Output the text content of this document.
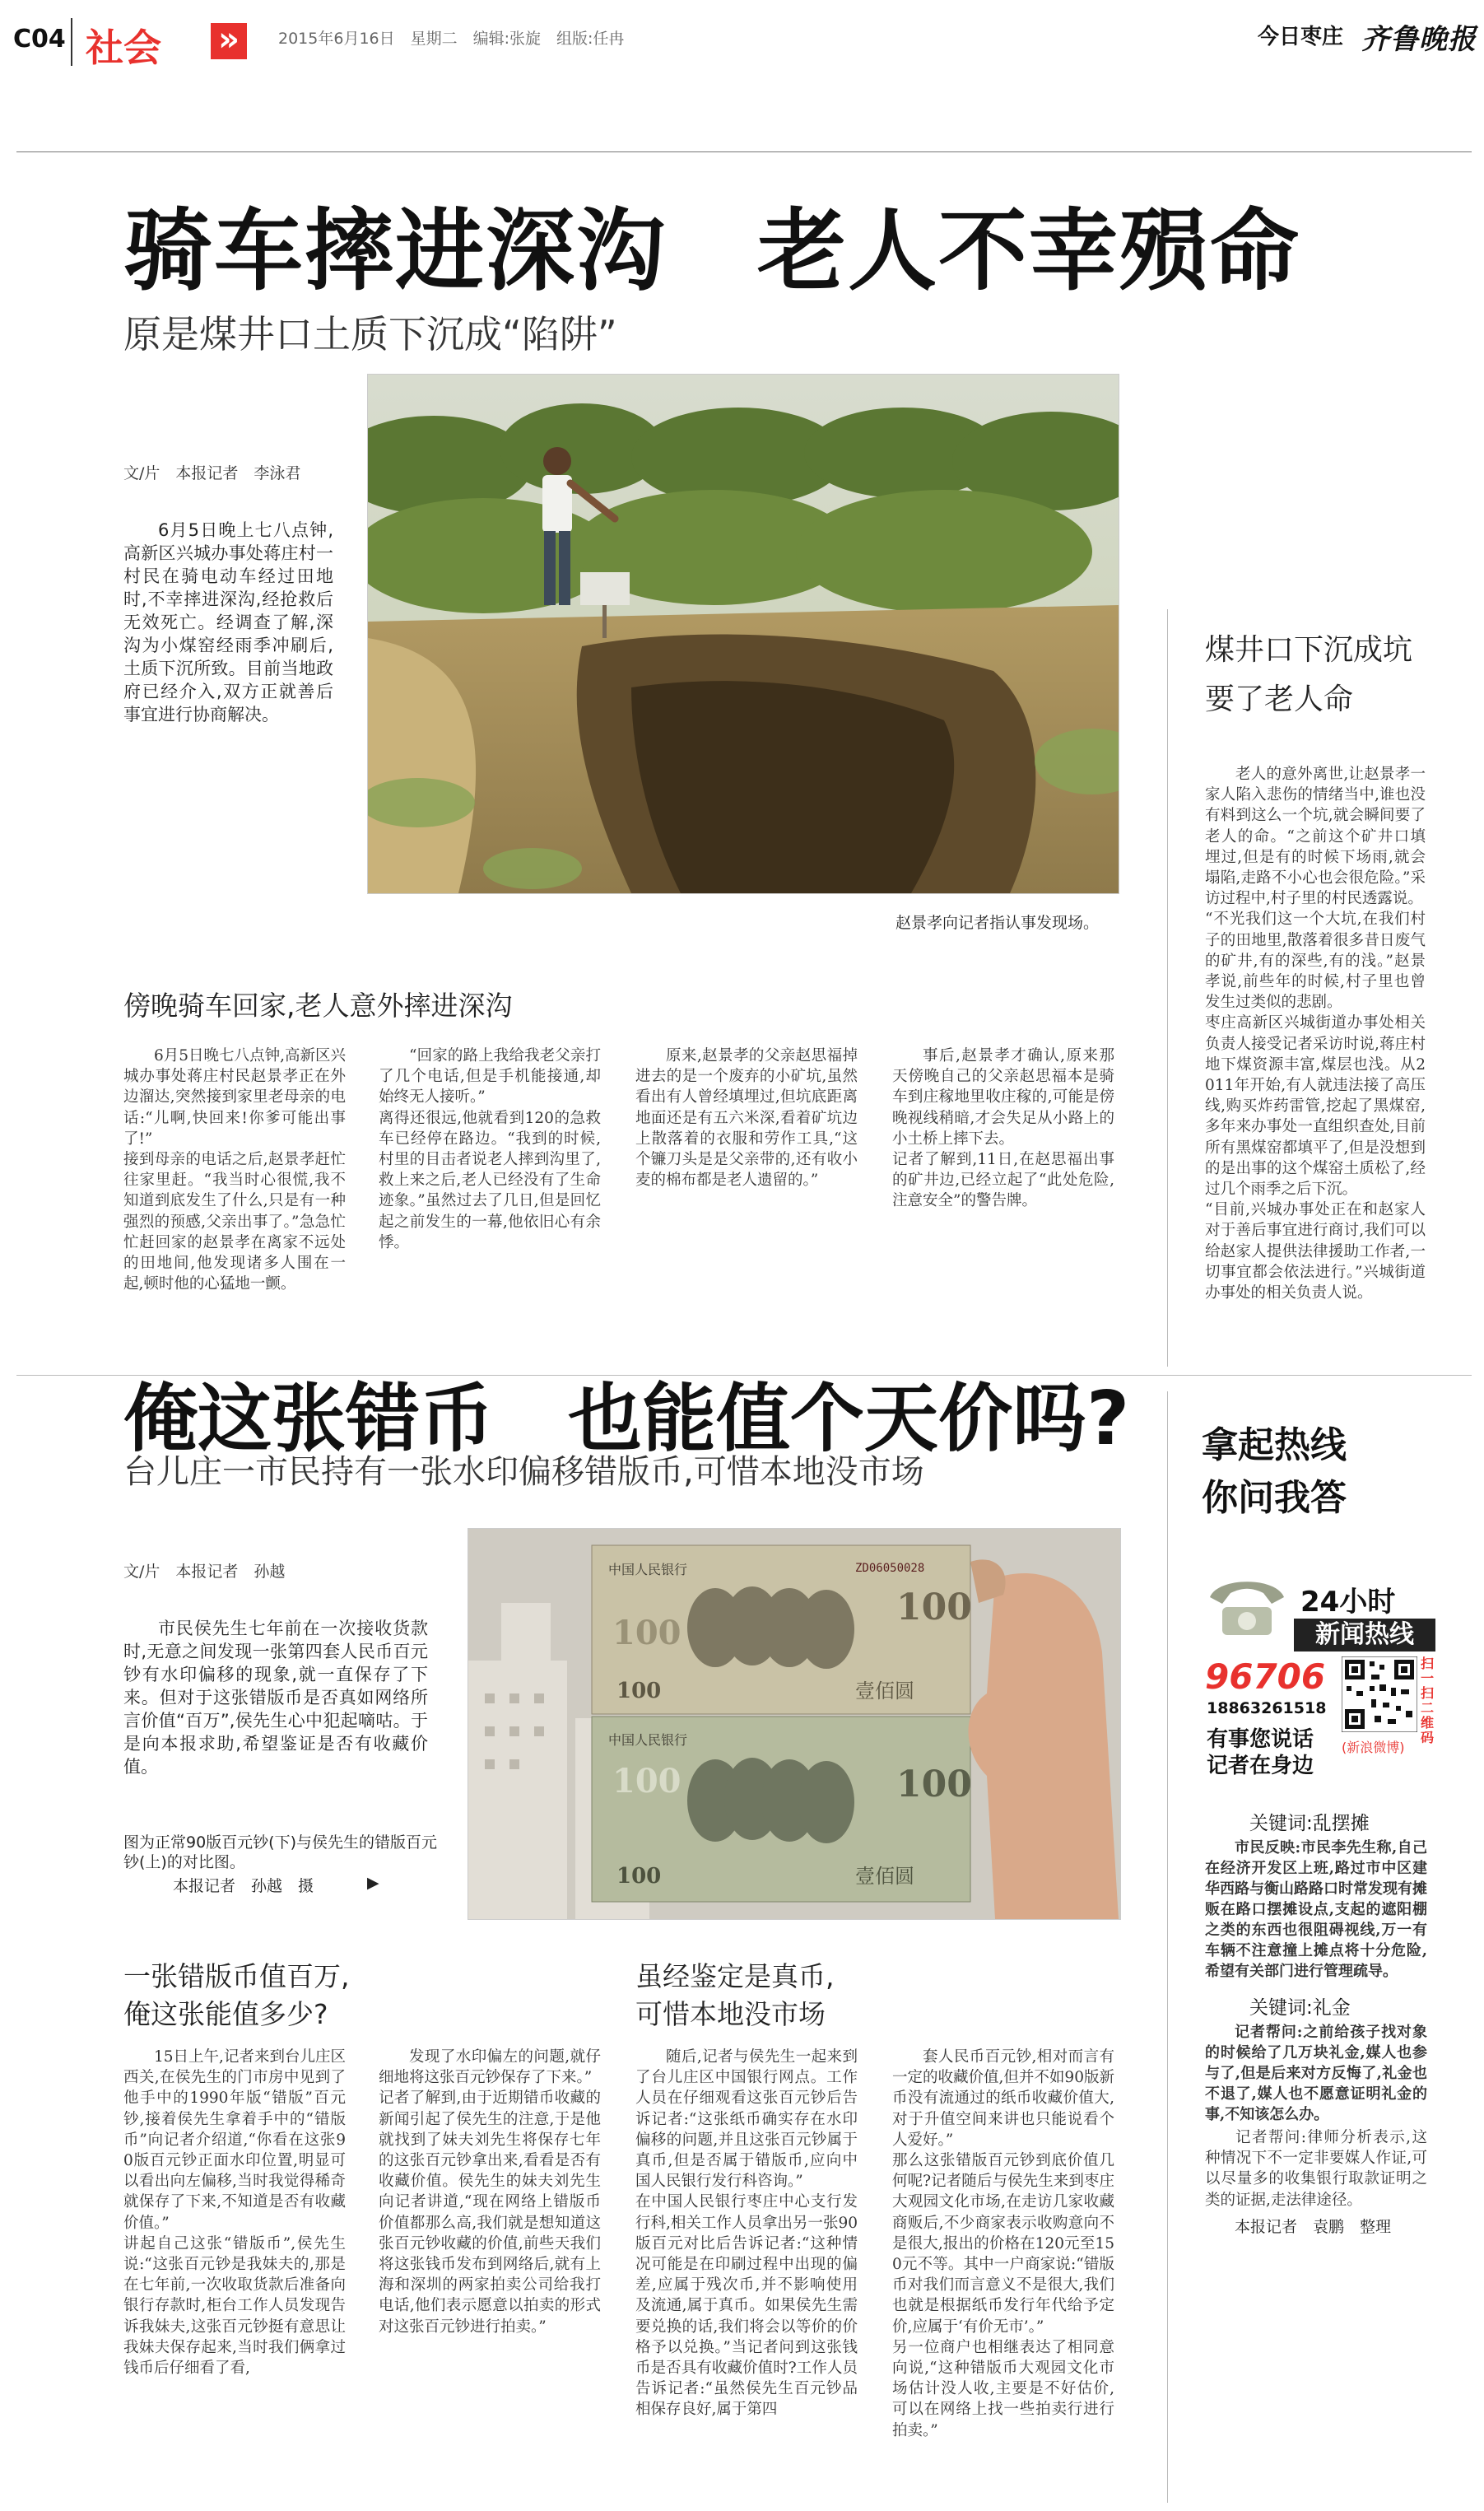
C04 社会 »	2015年6月16日　星期二　编辑:张旋　组版:任冉	今日枣庄 齐鲁晚报
骑车摔进深沟　老人不幸殒命
原是煤井口土质下沉成“陷阱”
文/片　本报记者　李泳君
6月5日晚上七八点钟,高新区兴城办事处蒋庄村一村民在骑电动车经过田地时,不幸摔进深沟,经抢救后无效死亡。经调查了解,深沟为小煤窑经雨季冲刷后,土质下沉所致。目前当地政府已经介入,双方正就善后事宜进行协商解决。
赵景孝向记者指认事发现场。
傍晚骑车回家,老人意外摔进深沟
6月5日晚七八点钟,高新区兴城办事处蒋庄村民赵景孝正在外边溜达,突然接到家里老母亲的电话:“儿啊,快回来!你爹可能出事了!”
接到母亲的电话之后,赵景孝赶忙往家里赶。“我当时心很慌,我不知道到底发生了什么,只是有一种强烈的预感,父亲出事了。”急急忙忙赶回家的赵景孝在离家不远处的田地间,他发现诸多人围在一起,顿时他的心猛地一颤。
“回家的路上我给我老父亲打了几个电话,但是手机能接通,却始终无人接听。”
离得还很远,他就看到120的急救车已经停在路边。“我到的时候,村里的目击者说老人摔到沟里了,救上来之后,老人已经没有了生命迹象。”虽然过去了几日,但是回忆起之前发生的一幕,他依旧心有余悸。
原来,赵景孝的父亲赵思福掉进去的是一个废弃的小矿坑,虽然看出有人曾经填埋过,但坑底距离地面还是有五六米深,看着矿坑边上散落着的衣服和劳作工具,“这个镰刀头是是父亲带的,还有收小麦的棉布都是老人遗留的。”
事后,赵景孝才确认,原来那天傍晚自己的父亲赵思福本是骑车到庄稼地里收庄稼的,可能是傍晚视线稍暗,才会失足从小路上的小土桥上摔下去。
记者了解到,11日,在赵思福出事的矿井边,已经立起了“此处危险,注意安全”的警告牌。
煤井口下沉成坑
要了老人命
老人的意外离世,让赵景孝一家人陷入悲伤的情绪当中,谁也没有料到这么一个坑,就会瞬间要了老人的命。“之前这个矿井口填埋过,但是有的时候下场雨,就会塌陷,走路不小心也会很危险。”采访过程中,村子里的村民透露说。
“不光我们这一个大坑,在我们村子的田地里,散落着很多昔日废气的矿井,有的深些,有的浅。”赵景孝说,前些年的时候,村子里也曾发生过类似的悲剧。
枣庄高新区兴城街道办事处相关负责人接受记者采访时说,蒋庄村地下煤资源丰富,煤层也浅。从2011年开始,有人就违法接了高压线,购买炸药雷管,挖起了黑煤窑,多年来办事处一直组织查处,目前所有黑煤窑都填平了,但是没想到的是出事的这个煤窑土质松了,经过几个雨季之后下沉。
“目前,兴城办事处正在和赵家人对于善后事宜进行商讨,我们可以给赵家人提供法律援助工作者,一切事宜都会依法进行。”兴城街道办事处的相关负责人说。
俺这张错币　也能值个天价吗?
台儿庄一市民持有一张水印偏移错版币,可惜本地没市场
文/片　本报记者　孙越
市民侯先生七年前在一次接收货款时,无意之间发现一张第四套人民币百元钞有水印偏移的现象,就一直保存了下来。但对于这张错版币是否真如网络所言价值“百万”,侯先生心中犯起嘀咕。于是向本报求助,希望鉴证是否有收藏价值。
中国人民银行	ZD06050028
100
100
100	壹佰圆
中国人民银行
100	100
100	壹佰圆
图为正常90版百元钞(下)与侯先生的错版百元钞(上)的对比图。
本报记者　孙越　摄	▶
一张错版币值百万,
俺这张能值多少?
虽经鉴定是真币,
可惜本地没市场
15日上午,记者来到台儿庄区西关,在侯先生的门市房中见到了他手中的1990年版“错版”百元钞,接着侯先生拿着手中的“错版币”向记者介绍道,“你看在这张90版百元钞正面水印位置,明显可以看出向左偏移,当时我觉得稀奇就保存了下来,不知道是否有收藏价值。”
讲起自己这张“错版币”,侯先生说:“这张百元钞是我妹夫的,那是在七年前,一次收取货款后准备向银行存款时,柜台工作人员发现告诉我妹夫,这张百元钞挺有意思让我妹夫保存起来,当时我们俩拿过钱币后仔细看了看,
发现了水印偏左的问题,就仔细地将这张百元钞保存了下来。”
记者了解到,由于近期错币收藏的新闻引起了侯先生的注意,于是他就找到了妹夫刘先生将保存七年的这张百元钞拿出来,看看是否有收藏价值。侯先生的妹夫刘先生向记者讲道,“现在网络上错版币价值都那么高,我们就是想知道这张百元钞收藏的价值,前些天我们将这张钱币发布到网络后,就有上海和深圳的两家拍卖公司给我打电话,他们表示愿意以拍卖的形式对这张百元钞进行拍卖。”
随后,记者与侯先生一起来到了台儿庄区中国银行网点。工作人员在仔细观看这张百元钞后告诉记者:“这张纸币确实存在水印偏移的问题,并且这张百元钞属于真币,但是否属于错版币,应向中国人民银行发行科咨询。”
在中国人民银行枣庄中心支行发行科,相关工作人员拿出另一张90版百元对比后告诉记者:“这种情况可能是在印刷过程中出现的偏差,应属于残次币,并不影响使用及流通,属于真币。如果侯先生需要兑换的话,我们将会以等价的价格予以兑换。”当记者问到这张钱币是否具有收藏价值时?工作人员告诉记者:“虽然侯先生百元钞品相保存良好,属于第四
套人民币百元钞,相对而言有一定的收藏价值,但并不如90版新币没有流通过的纸币收藏价值大,对于升值空间来讲也只能说看个人爱好。”
那么这张错版百元钞到底价值几何呢?记者随后与侯先生来到枣庄大观园文化市场,在走访几家收藏商贩后,不少商家表示收购意向不是很大,报出的价格在120元至150元不等。其中一户商家说:“错版币对我们而言意义不是很大,我们也就是根据纸币发行年代给予定价,应属于‘有价无市’。”
另一位商户也相继表达了相同意向说,“这种错版币大观园文化市场估计没人收,主要是不好估价,可以在网络上找一些拍卖行进行拍卖。”
拿起热线
你问我答
24小时
新闻热线
96706
18863261518
有事您说话
记者在身边
扫一扫二维码
(新浪微博)
关键词:乱摆摊
市民反映:市民李先生称,自己在经济开发区上班,路过市中区建华西路与衡山路路口时常发现有摊贩在路口摆摊设点,支起的遮阳棚之类的东西也很阻碍视线,万一有车辆不注意撞上摊点将十分危险,希望有关部门进行管理疏导。
关键词:礼金
记者帮问:之前给孩子找对象的时候给了几万块礼金,媒人也参与了,但是后来对方反悔了,礼金也不退了,媒人也不愿意证明礼金的事,不知该怎么办。
记者帮问:律师分析表示,这种情况下不一定非要媒人作证,可以尽量多的收集银行取款证明之类的证据,走法律途径。
本报记者　袁鹏　整理
